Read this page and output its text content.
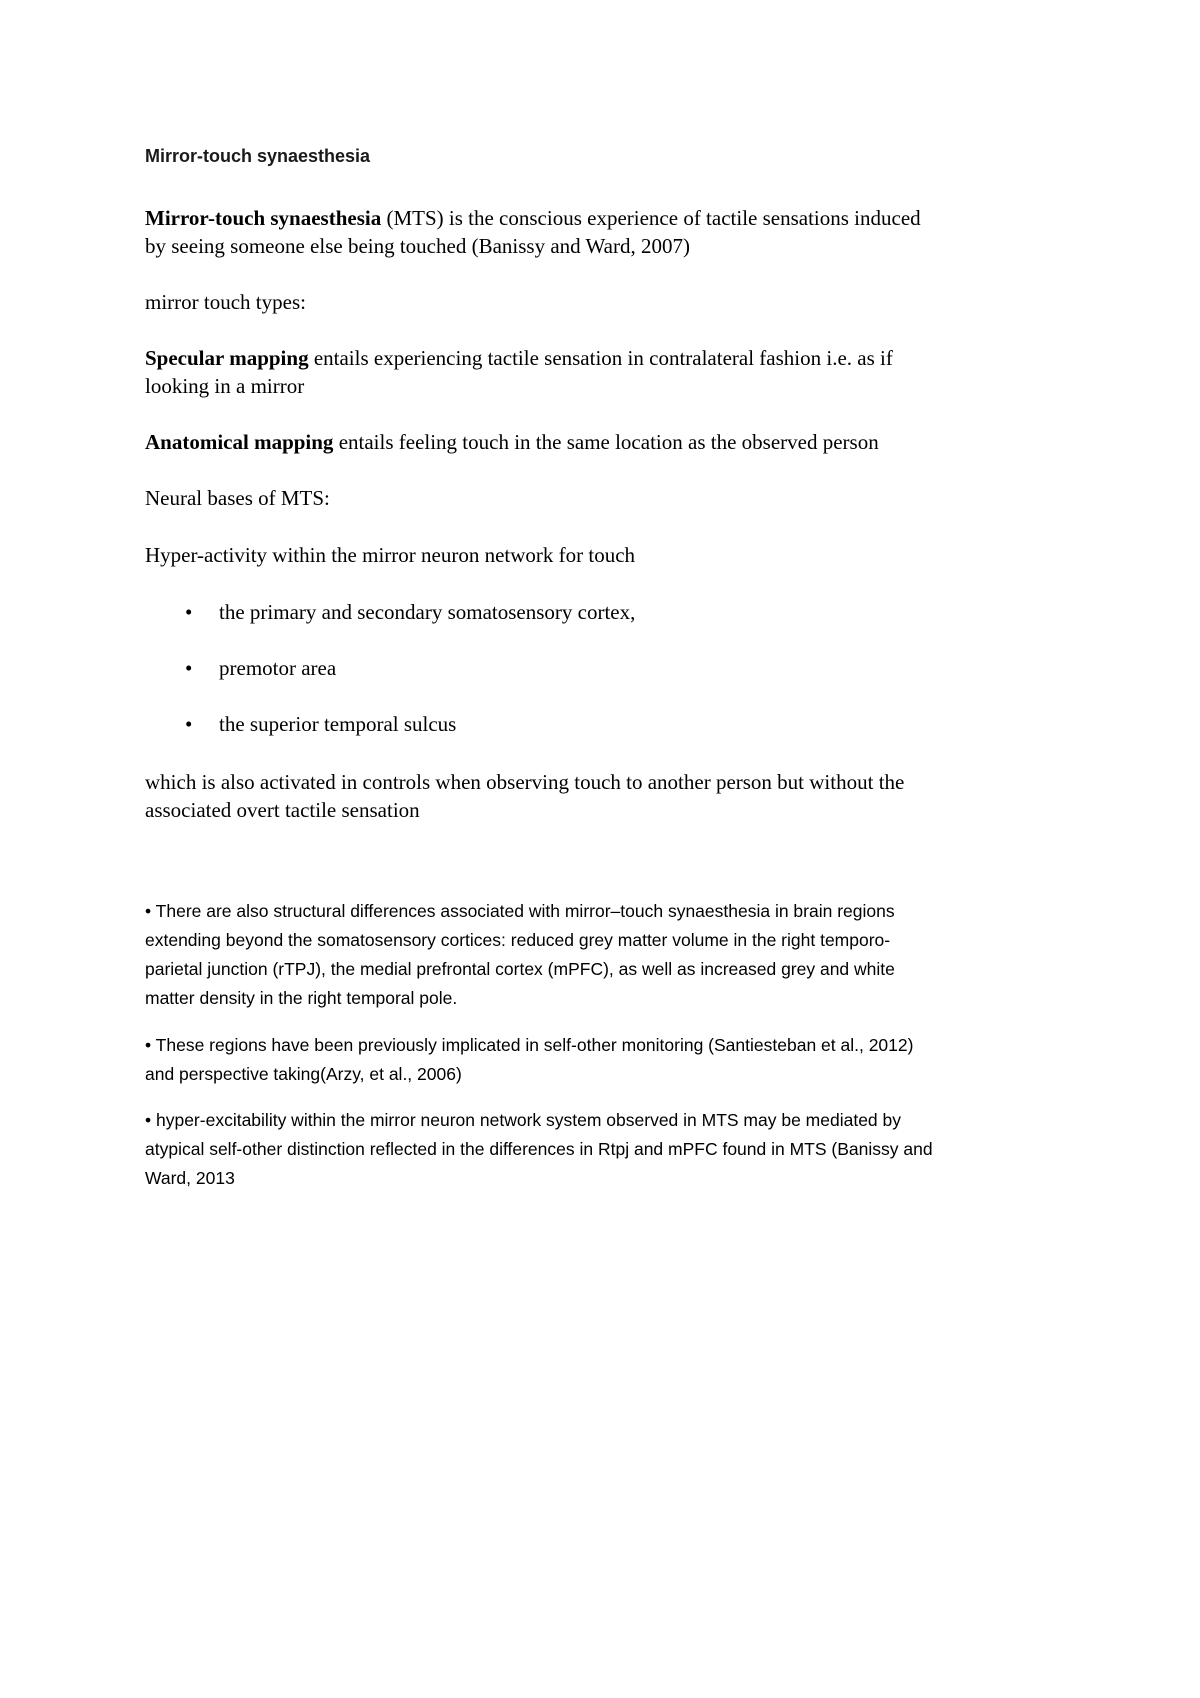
Mirror-touch synaesthesia

Mirror-touch synaesthesia (MTS) is the conscious experience of tactile sensations induced
by seeing someone else being touched (Banissy and Ward, 2007)

mirror touch types:

Specular mapping entails experiencing tactile sensation in contralateral fashion i.e. as if
looking in a mirror

Anatomical mapping entails feeling touch in the same location as the observed person

Neural bases of MTS:

Hyper-activity within the mirror neuron network for touch

• the primary and secondary somatosensory cortex,
• premotor area
• the superior temporal sulcus

which is also activated in controls when observing touch to another person but without the
associated overt tactile sensation

• There are also structural differences associated with mirror–touch synaesthesia in brain regions
extending beyond the somatosensory cortices: reduced grey matter volume in the right temporo-
parietal junction (rTPJ), the medial prefrontal cortex (mPFC), as well as increased grey and white
matter density in the right temporal pole.

• These regions have been previously implicated in self-other monitoring (Santiesteban et al., 2012)
and perspective taking(Arzy, et al., 2006)

• hyper-excitability within the mirror neuron network system observed in MTS may be mediated by
atypical self-other distinction reflected in the differences in Rtpj and mPFC found in MTS (Banissy and
Ward, 2013
